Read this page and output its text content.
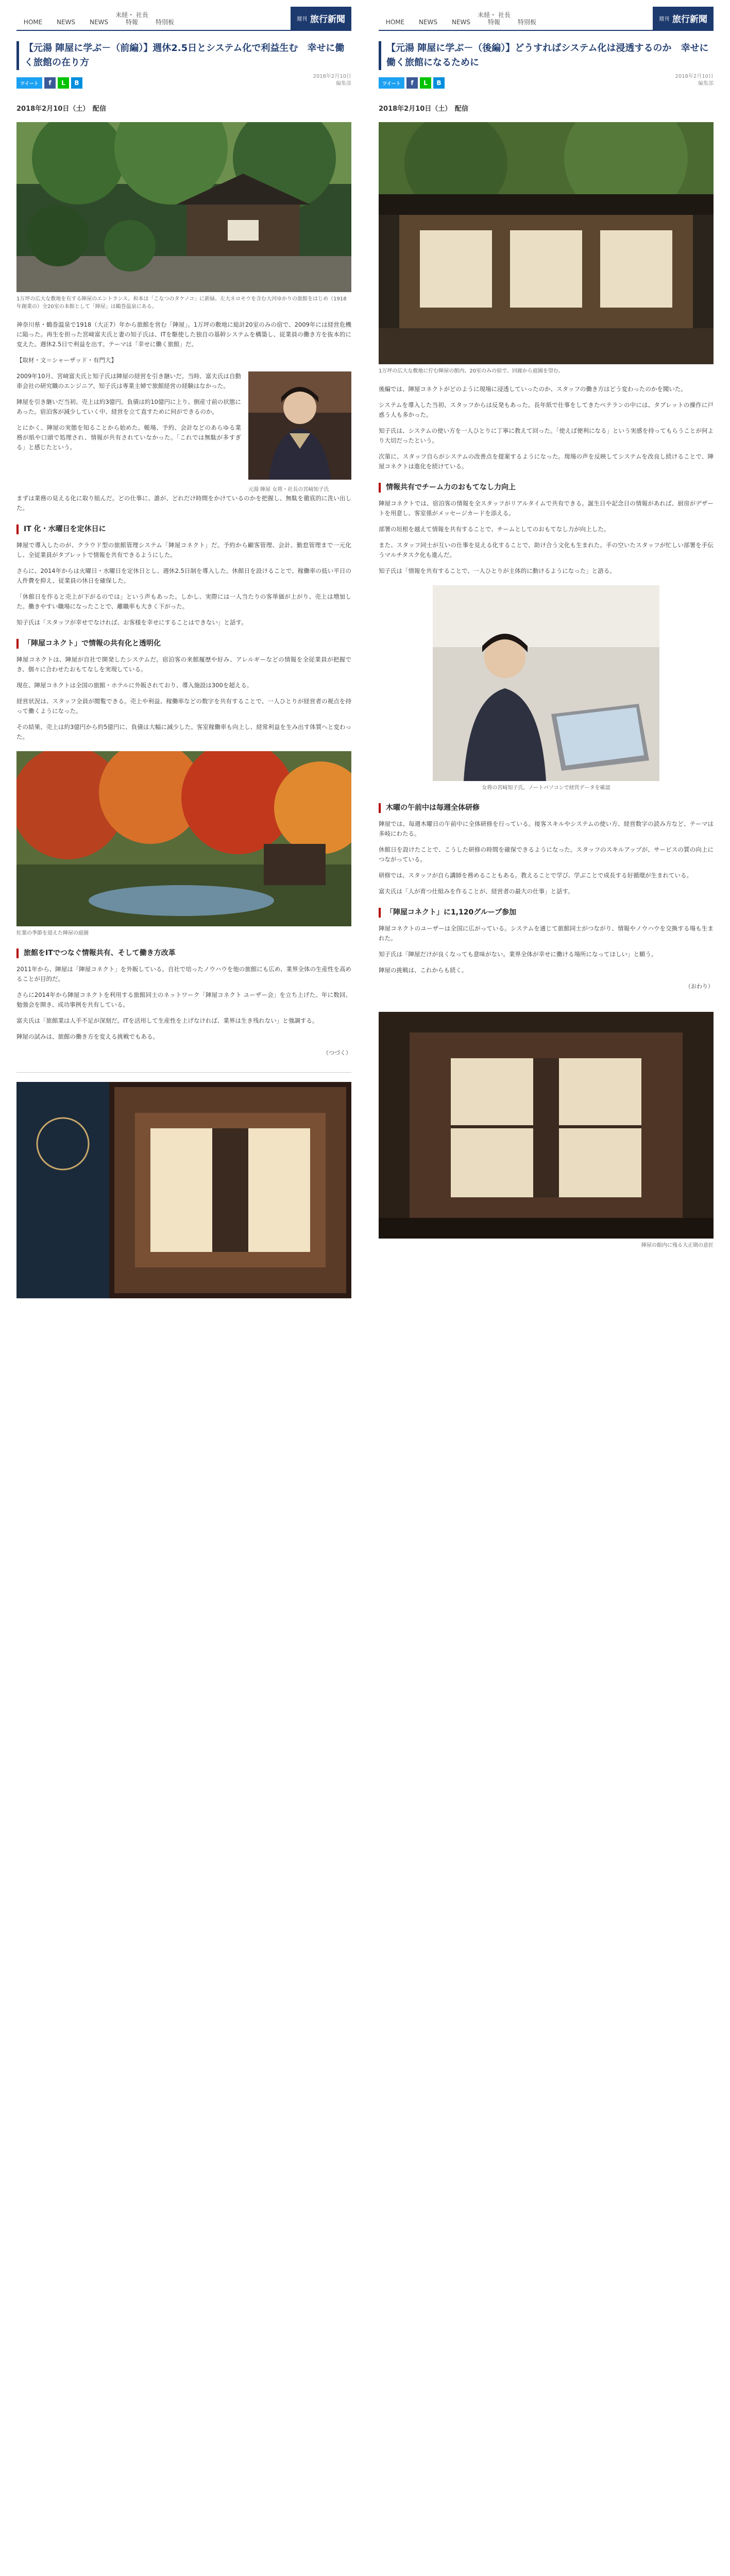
HOME	NEWS	NEWS
未経・ 社長特報	特別板	週刊 旅行新聞
【元湯 陣屋に学ぶ－（前編）】週休2.5日とシステム化で利益生む　幸せに働く旅館の在り方
ツイート	f	L	B
2018年2月10日
編集部
2018年2月10日（土）　配信
1万坪の広大な敷地を有する陣屋のエントランス。和本は「こなつのタケノコ」に新緑。左大ネロモウを含む大河ゆかりの旅館をはじめ（1918年創業の）全20室の本館として「陣屋」は鶴巻温泉にある。

神奈川県・鶴巻温泉で1918（大正7）年から旅館を営む「陣屋」。1万坪の敷地に総計20室のみの宿で、2009年には経営危機に陥った。再生を担った宮﨑富夫氏と妻の知子氏は、ITを駆使した独自の基幹システムを構築し、従業員の働き方を抜本的に変えた。週休2.5日で利益を出す。テーマは「幸せに働く旅館」だ。

【取材・文＝シャーザッド・有門大】

2009年10月、宮﨑富夫氏と知子氏は陣屋の経営を引き継いだ。当時、富夫氏は自動車会社の研究職のエンジニア、知子氏は専業主婦で旅館経営の経験はなかった。

陣屋を引き継いだ当初、売上は約3億円。負債は約10億円に上り、倒産寸前の状態にあった。宿泊客が減少していく中、経営を立て直すために何ができるのか。

とにかく、陣屋の実態を知ることから始めた。帳場、予約、会計などのあらゆる業務が紙や口頭で処理され、情報が共有されていなかった。「これでは無駄が多すぎる」と感じたという。

元湯 陣屋 女将・社長の宮﨑知子氏

まずは業務の見える化に取り組んだ。どの仕事に、誰が、どれだけ時間をかけているのかを把握し、無駄を徹底的に洗い出した。

IT 化・水曜日を定休日に

陣屋で導入したのが、クラウド型の旅館管理システム「陣屋コネクト」だ。予約から顧客管理、会計、勤怠管理まで一元化し、全従業員がタブレットで情報を共有できるようにした。

さらに、2014年からは火曜日・水曜日を定休日とし、週休2.5日制を導入した。休館日を設けることで、稼働率の低い平日の人件費を抑え、従業員の休日を確保した。

「休館日を作ると売上が下がるのでは」という声もあった。しかし、実際には一人当たりの客単価が上がり、売上は増加した。働きやすい職場になったことで、離職率も大きく下がった。

知子氏は「スタッフが幸せでなければ、お客様を幸せにすることはできない」と話す。

「陣屋コネクト」で情報の共有化と透明化

陣屋コネクトは、陣屋が自社で開発したシステムだ。宿泊客の来館履歴や好み、アレルギーなどの情報を全従業員が把握でき、個々に合わせたおもてなしを実現している。

現在、陣屋コネクトは全国の旅館・ホテルに外販されており、導入施設は300を超える。

経営状況は、スタッフ全員が閲覧できる。売上や利益、稼働率などの数字を共有することで、一人ひとりが経営者の視点を持って働くようになった。

その結果、売上は約3億円から約5億円に、負債は大幅に減少した。客室稼働率も向上し、経常利益を生み出す体質へと変わった。

紅葉の季節を迎えた陣屋の庭園
旅館をITでつなぐ情報共有、そして働き方改革

2011年から、陣屋は「陣屋コネクト」を外販している。自社で培ったノウハウを他の旅館にも広め、業界全体の生産性を高めることが目的だ。

さらに2014年から陣屋コネクトを利用する旅館同士のネットワーク「陣屋コネクト ユーザー会」を立ち上げた。年に数回、勉強会を開き、成功事例を共有している。

富夫氏は「旅館業は人手不足が深刻だ。ITを活用して生産性を上げなければ、業界は生き残れない」と強調する。

陣屋の試みは、旅館の働き方を変える挑戦でもある。

（つづく）
HOME	NEWS	NEWS
未経・ 社長特報	特別板	週刊 旅行新聞
【元湯 陣屋に学ぶ－（後編）】どうすればシステム化は浸透するのか　幸せに働く旅館になるために
ツイート	f	L	B
2018年2月10日
編集部
2018年2月10日（土）　配信
1万坪の広大な敷地に佇む陣屋の館内。20室のみの宿で、回廊から庭園を望む。

後編では、陣屋コネクトがどのように現場に浸透していったのか、スタッフの働き方はどう変わったのかを聞いた。

システムを導入した当初、スタッフからは反発もあった。長年紙で仕事をしてきたベテランの中には、タブレットの操作に戸惑う人も多かった。

知子氏は、システムの使い方を一人ひとりに丁寧に教えて回った。「使えば便利になる」という実感を持ってもらうことが何より大切だったという。

次第に、スタッフ自らがシステムの改善点を提案するようになった。現場の声を反映してシステムを改良し続けることで、陣屋コネクトは進化を続けている。

情報共有でチーム力のおもてなし力向上

陣屋コネクトでは、宿泊客の情報を全スタッフがリアルタイムで共有できる。誕生日や記念日の情報があれば、厨房がデザートを用意し、客室係がメッセージカードを添える。

部署の垣根を越えて情報を共有することで、チームとしてのおもてなし力が向上した。

また、スタッフ同士が互いの仕事を見える化することで、助け合う文化も生まれた。手の空いたスタッフが忙しい部署を手伝うマルチタスク化も進んだ。

知子氏は「情報を共有することで、一人ひとりが主体的に動けるようになった」と語る。

女将の宮﨑知子氏。ノートパソコンで経営データを確認
木曜の午前中は毎週全体研修

陣屋では、毎週木曜日の午前中に全体研修を行っている。接客スキルやシステムの使い方、経営数字の読み方など、テーマは多岐にわたる。

休館日を設けたことで、こうした研修の時間を確保できるようになった。スタッフのスキルアップが、サービスの質の向上につながっている。

研修では、スタッフが自ら講師を務めることもある。教えることで学び、学ぶことで成長する好循環が生まれている。

富夫氏は「人が育つ仕組みを作ることが、経営者の最大の仕事」と話す。

「陣屋コネクト」に1,120グループ参加

陣屋コネクトのユーザーは全国に広がっている。システムを通じて旅館同士がつながり、情報やノウハウを交換する場も生まれた。

知子氏は「陣屋だけが良くなっても意味がない。業界全体が幸せに働ける場所になってほしい」と願う。

陣屋の挑戦は、これからも続く。

（おわり）
陣屋の館内に残る大正期の意匠
